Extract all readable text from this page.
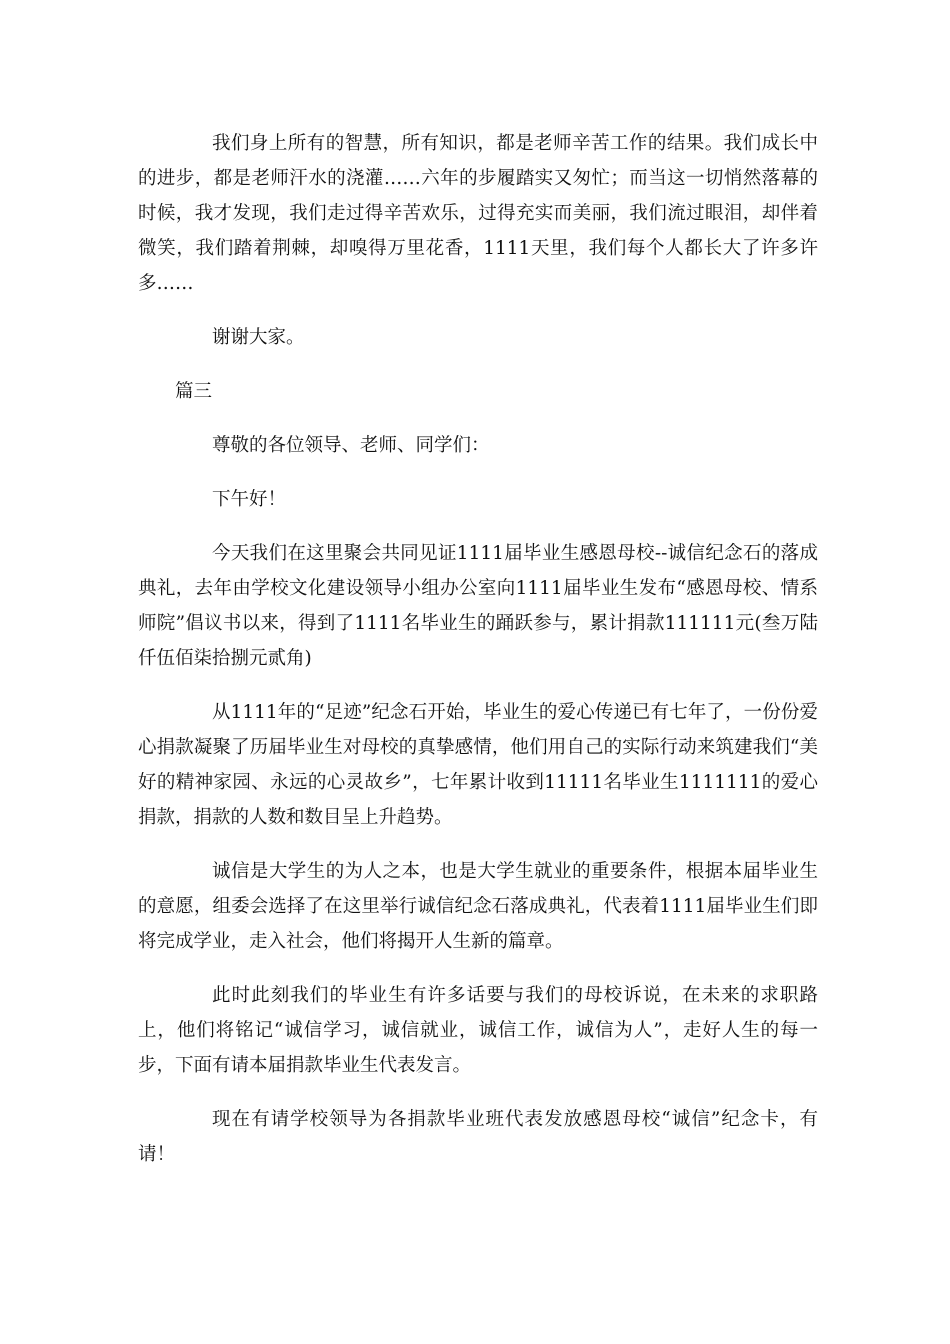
我们身上所有的智慧，所有知识，都是老师辛苦工作的结果。我们成长中的进步，都是老师汗水的浇灌……六年的步履踏实又匆忙；而当这一切悄然落幕的时候，我才发现，我们走过得辛苦欢乐，过得充实而美丽，我们流过眼泪，却伴着微笑，我们踏着荆棘，却嗅得万里花香，1111天里，我们每个人都长大了许多许多……

谢谢大家。

篇三

尊敬的各位领导、老师、同学们：

下午好！

今天我们在这里聚会共同见证1111届毕业生感恩母校--诚信纪念石的落成典礼，去年由学校文化建设领导小组办公室向1111届毕业生发布“感恩母校、情系师院”倡议书以来，得到了1111名毕业生的踊跃参与，累计捐款111111元(叁万陆仟伍佰柒拾捌元贰角)

从1111年的“足迹”纪念石开始，毕业生的爱心传递已有七年了，一份份爱心捐款凝聚了历届毕业生对母校的真挚感情，他们用自己的实际行动来筑建我们“美好的精神家园、永远的心灵故乡”，七年累计收到11111名毕业生1111111的爱心捐款，捐款的人数和数目呈上升趋势。

诚信是大学生的为人之本，也是大学生就业的重要条件，根据本届毕业生的意愿，组委会选择了在这里举行诚信纪念石落成典礼，代表着1111届毕业生们即将完成学业，走入社会，他们将揭开人生新的篇章。

此时此刻我们的毕业生有许多话要与我们的母校诉说，在未来的求职路上，他们将铭记“诚信学习，诚信就业，诚信工作，诚信为人”，走好人生的每一步，下面有请本届捐款毕业生代表发言。

现在有请学校领导为各捐款毕业班代表发放感恩母校“诚信”纪念卡，有请！
